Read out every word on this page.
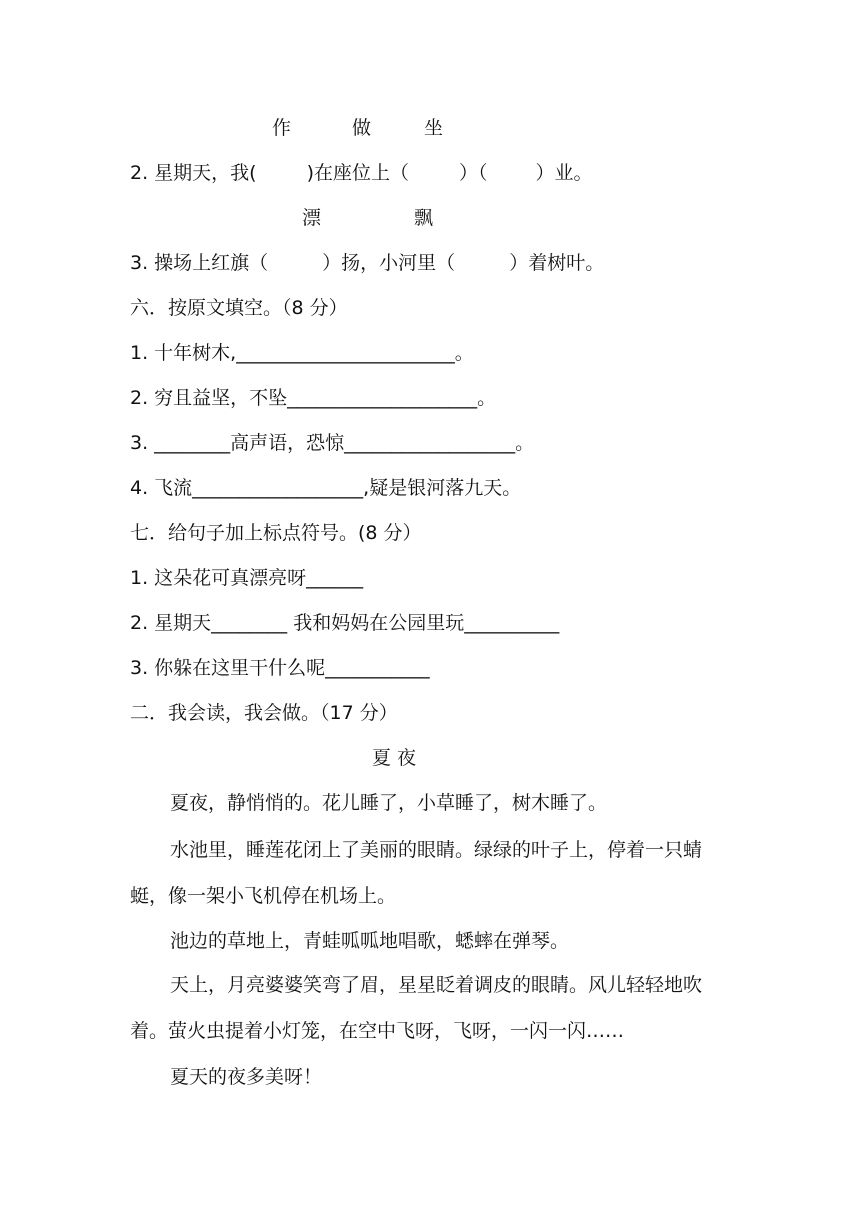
作	做	坐
2. 星期天，我(	)在座位上（	）（	）业。
漂	飘
3. 操场上红旗（	）扬，小河里（	）着树叶。
六．按原文填空。（8 分）
1. 十年树木,_______________________。
2. 穷且益坚，不坠____________________。
3. ________高声语，恐惊__________________。
4. 飞流__________________,疑是银河落九天。
七．给句子加上标点符号。(8 分）
1. 这朵花可真漂亮呀______
2. 星期天________ 我和妈妈在公园里玩__________
3. 你躲在这里干什么呢___________
二．我会读，我会做。（17 分）
夏 夜
夏夜，静悄悄的。花儿睡了，小草睡了，树木睡了。
水池里，睡莲花闭上了美丽的眼睛。绿绿的叶子上，停着一只蜻
蜓，像一架小飞机停在机场上。
池边的草地上，青蛙呱呱地唱歌，蟋蟀在弹琴。
天上，月亮婆婆笑弯了眉，星星眨着调皮的眼睛。风儿轻轻地吹
着。萤火虫提着小灯笼，在空中飞呀，飞呀，一闪一闪……
夏天的夜多美呀！
